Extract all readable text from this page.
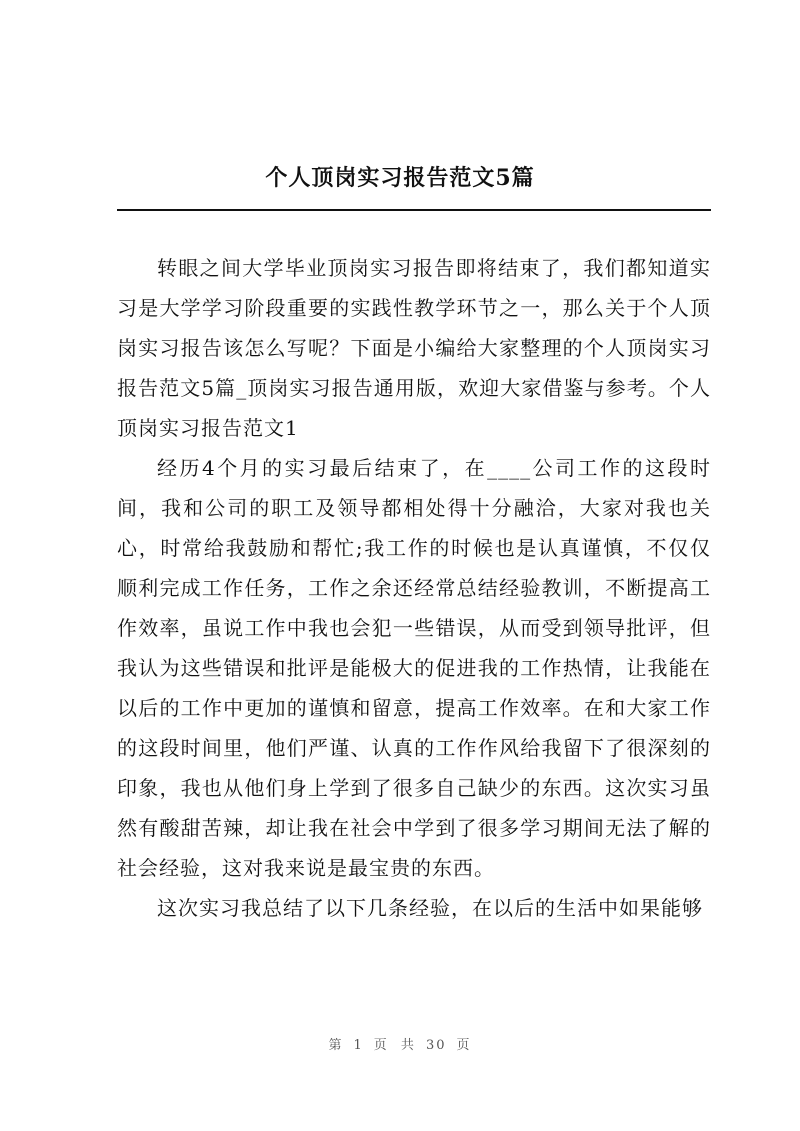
个人顶岗实习报告范文5篇

转眼之间大学毕业顶岗实习报告即将结束了，我们都知道实习是大学学习阶段重要的实践性教学环节之一，那么关于个人顶岗实习报告该怎么写呢？下面是小编给大家整理的个人顶岗实习报告范文5篇_顶岗实习报告通用版，欢迎大家借鉴与参考。个人顶岗实习报告范文1

经历4个月的实习最后结束了，在____公司工作的这段时间，我和公司的职工及领导都相处得十分融洽，大家对我也关心，时常给我鼓励和帮忙;我工作的时候也是认真谨慎，不仅仅顺利完成工作任务，工作之余还经常总结经验教训，不断提高工作效率，虽说工作中我也会犯一些错误，从而受到领导批评，但我认为这些错误和批评是能极大的促进我的工作热情，让我能在以后的工作中更加的谨慎和留意，提高工作效率。在和大家工作的这段时间里，他们严谨、认真的工作作风给我留下了很深刻的印象，我也从他们身上学到了很多自己缺少的东西。这次实习虽然有酸甜苦辣，却让我在社会中学到了很多学习期间无法了解的社会经验，这对我来说是最宝贵的东西。

这次实习我总结了以下几条经验，在以后的生活中如果能够

第 1 页 共 30 页
